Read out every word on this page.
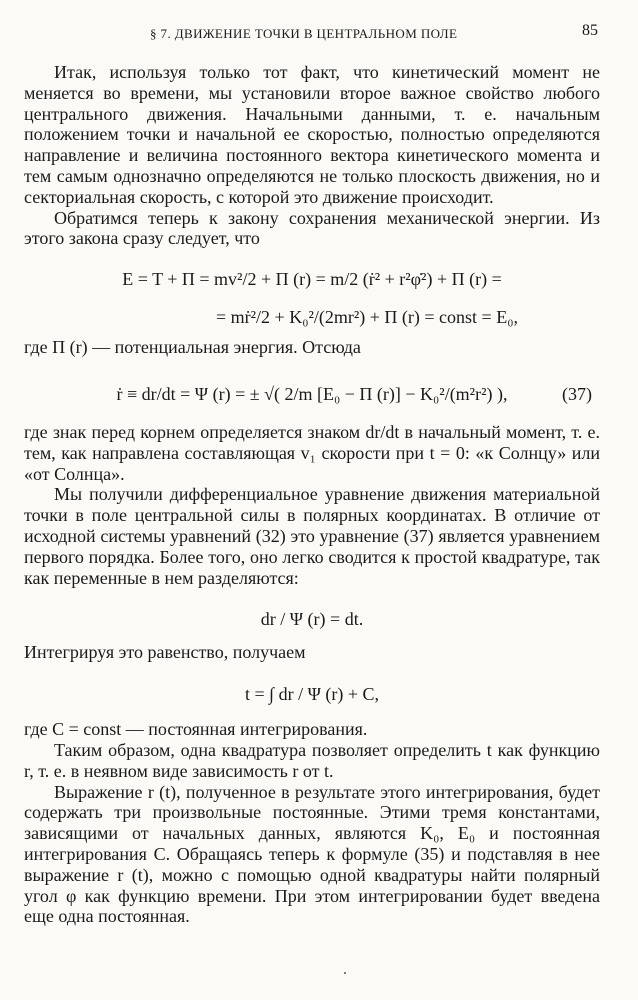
§ 7. ДВИЖЕНИЕ ТОЧКИ В ЦЕНТРАЛЬНОМ ПОЛЕ	85

Итак, используя только тот факт, что кинетический момент не меняется во времени, мы установили второе важное свойство любого центрального движения. Начальными данными, т. е. начальным положением точки и начальной ее скоростью, полностью определяются направление и величина постоянного вектора кинетического момента и тем самым однозначно определяются не только плоскость движения, но и секториальная скорость, с которой это движение происходит.

Обратимся теперь к закону сохранения механической энергии. Из этого закона сразу следует, что

E = T + Π = mv²/2 + Π (r) = m/2 (ṙ² + r²φ̇²) + Π (r) =
= mṙ²/2 + K₀²/(2mr²) + Π (r) = const = E₀,

где Π (r) — потенциальная энергия. Отсюда

ṙ ≡ dr/dt = Ψ (r) = ± √( 2/m [E₀ − Π (r)] − K₀²/(m²r²) ),	(37)

где знак перед корнем определяется знаком dr/dt в начальный момент, т. е. тем, как направлена составляющая v₁ скорости при t = 0: «к Солнцу» или «от Солнца».

Мы получили дифференциальное уравнение движения материальной точки в поле центральной силы в полярных координатах. В отличие от исходной системы уравнений (32) это уравнение (37) является уравнением первого порядка. Более того, оно легко сводится к простой квадратуре, так как переменные в нем разделяются:

dr / Ψ (r) = dt.

Интегрируя это равенство, получаем

t = ∫ dr / Ψ (r) + C,

где C = const — постоянная интегрирования.

Таким образом, одна квадратура позволяет определить t как функцию r, т. е. в неявном виде зависимость r от t.

Выражение r (t), полученное в результате этого интегрирования, будет содержать три произвольные постоянные. Этими тремя константами, зависящими от начальных данных, являются K₀, E₀ и постоянная интегрирования C. Обращаясь теперь к формуле (35) и подставляя в нее выражение r (t), можно с помощью одной квадратуры найти полярный угол φ как функцию времени. При этом интегрировании будет введена еще одна постоянная.
